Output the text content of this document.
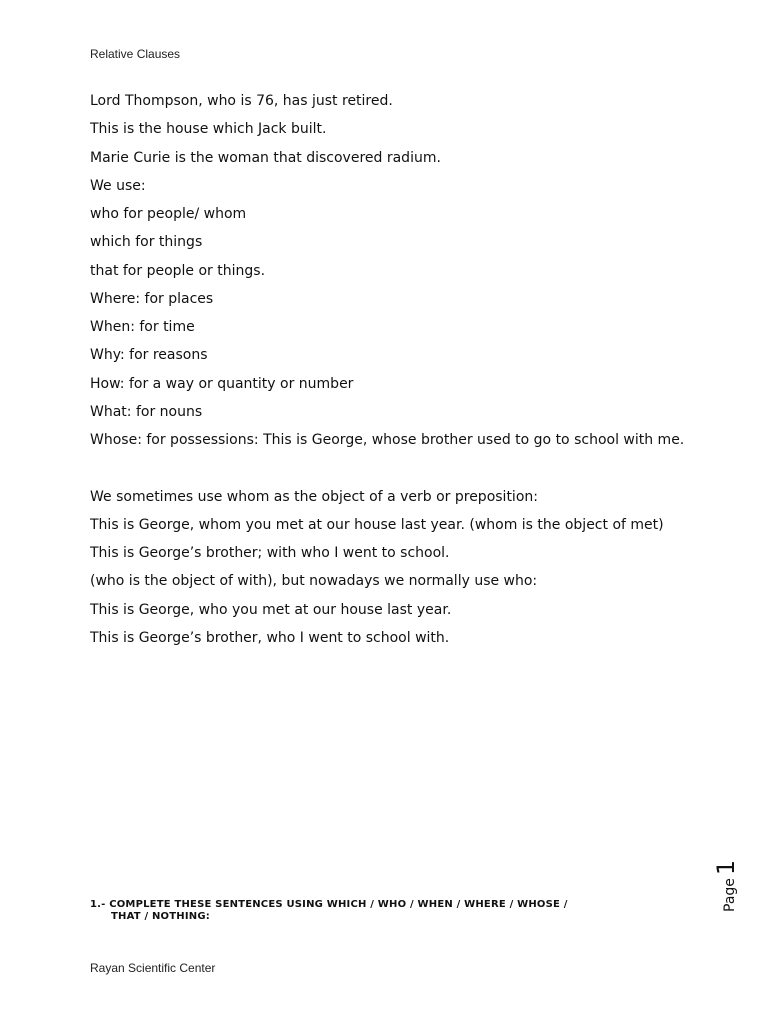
Relative Clauses
Lord Thompson, who is 76, has just retired.
This is the house which Jack built.
Marie Curie is the woman that discovered radium.
We use:
who for people/ whom
which for things
that for people or things.
Where: for places
When: for time
Why: for reasons
How: for a way or quantity or number
What: for nouns
Whose: for possessions: This is George, whose brother used to go to school with me.
We sometimes use whom as the object of a verb or preposition:
This is George, whom you met at our house last year. (whom is the object of met)
This is George’s brother; with who I went to school.
(who is the object of with), but nowadays we normally use who:
This is George, who you met at our house last year.
This is George’s brother, who I went to school with.
1.- COMPLETE THESE SENTENCES USING WHICH / WHO / WHEN / WHERE / WHOSE /
THAT / NOTHING:
Page
1
Rayan Scientific Center
